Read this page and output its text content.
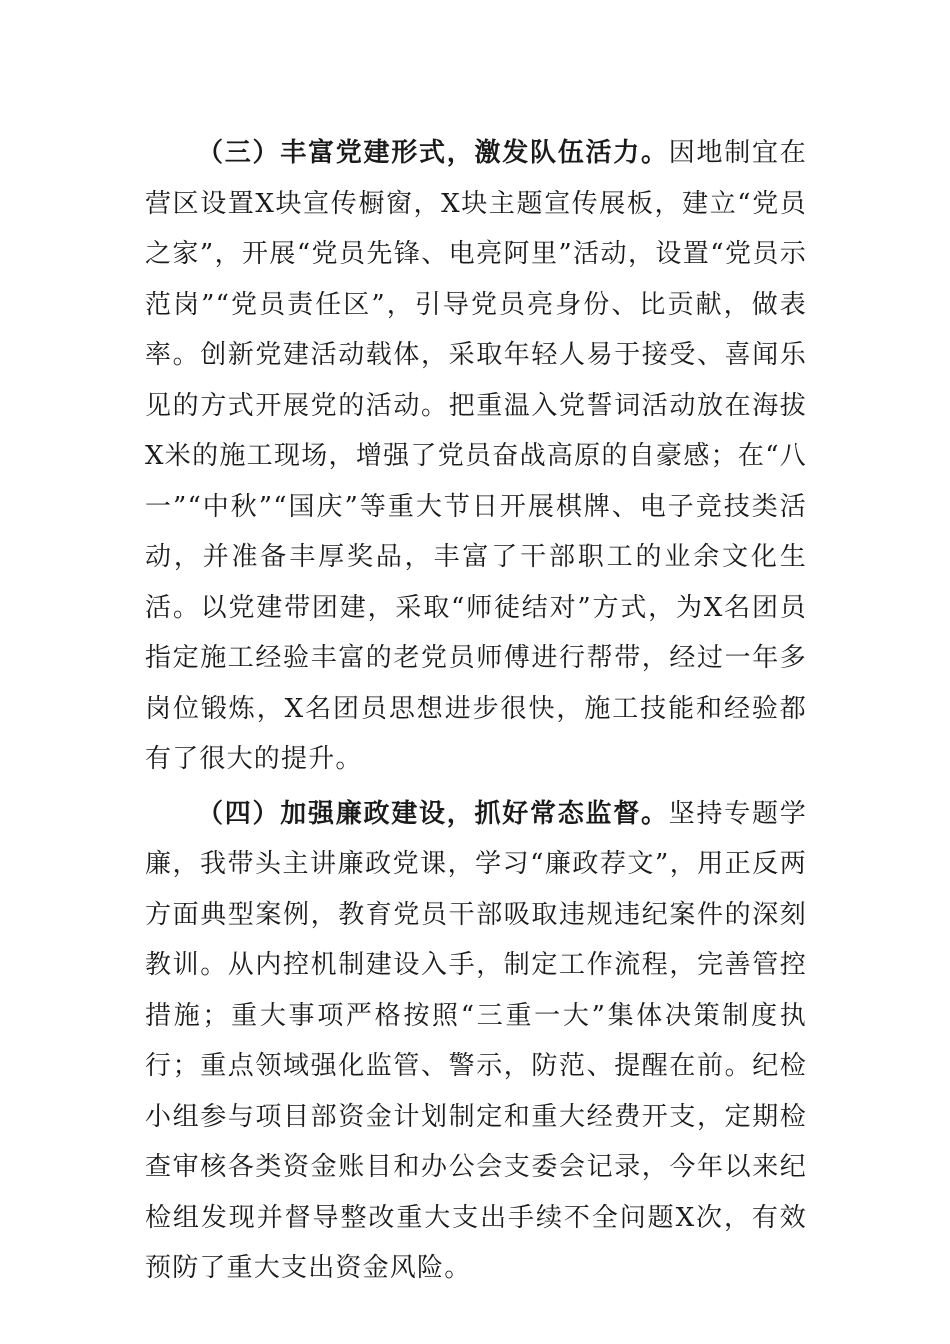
（三）丰富党建形式，激发队伍活力。因地制宜在营区设置X块宣传橱窗，X块主题宣传展板，建立“党员之家”，开展“党员先锋、电亮阿里”活动，设置“党员示范岗”“党员责任区”，引导党员亮身份、比贡献，做表率。创新党建活动载体，采取年轻人易于接受、喜闻乐见的方式开展党的活动。把重温入党誓词活动放在海拔X米的施工现场，增强了党员奋战高原的自豪感；在“八一”“中秋”“国庆”等重大节日开展棋牌、电子竞技类活动，并准备丰厚奖品，丰富了干部职工的业余文化生活。以党建带团建，采取“师徒结对”方式，为X名团员指定施工经验丰富的老党员师傅进行帮带，经过一年多岗位锻炼，X名团员思想进步很快，施工技能和经验都有了很大的提升。

（四）加强廉政建设，抓好常态监督。坚持专题学廉，我带头主讲廉政党课，学习“廉政荐文”，用正反两方面典型案例，教育党员干部吸取违规违纪案件的深刻教训。从内控机制建设入手，制定工作流程，完善管控措施；重大事项严格按照“三重一大”集体决策制度执行；重点领域强化监管、警示，防范、提醒在前。纪检小组参与项目部资金计划制定和重大经费开支，定期检查审核各类资金账目和办公会支委会记录，今年以来纪检组发现并督导整改重大支出手续不全问题X次，有效预防了重大支出资金风险。
